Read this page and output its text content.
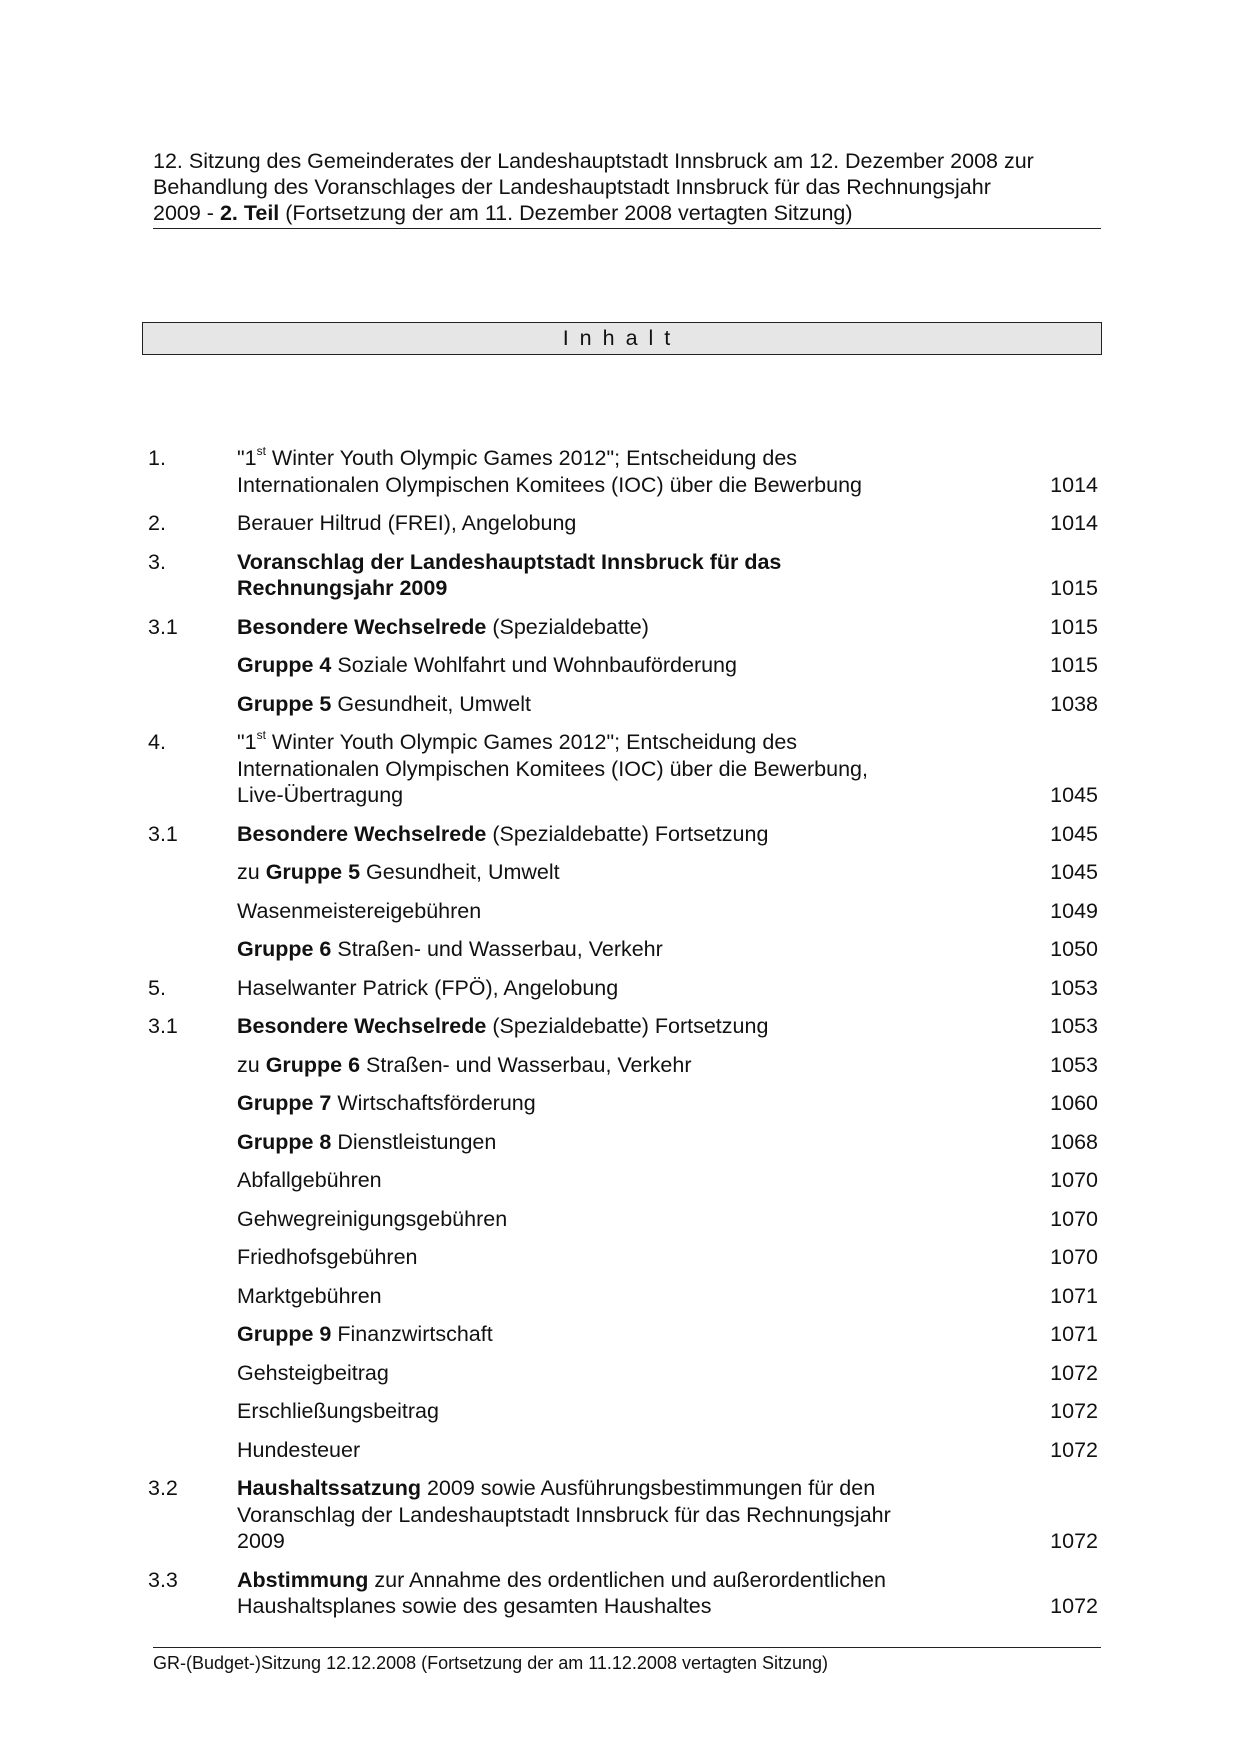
12. Sitzung des Gemeinderates der Landeshauptstadt Innsbruck am 12. Dezember 2008 zur
Behandlung des Voranschlages der Landeshauptstadt Innsbruck für das Rechnungsjahr
2009 - 2. Teil (Fortsetzung der am 11. Dezember 2008 vertagten Sitzung)
Inhalt
1.	"1st Winter Youth Olympic Games 2012"; Entscheidung des
Internationalen Olympischen Komitees (IOC) über die Bewerbung	1014
2.	Berauer Hiltrud (FREI), Angelobung	1014
3.	Voranschlag der Landeshauptstadt Innsbruck für das
Rechnungsjahr 2009	1015
3.1	Besondere Wechselrede (Spezialdebatte)	1015
Gruppe 4 Soziale Wohlfahrt und Wohnbauförderung	1015
Gruppe 5 Gesundheit, Umwelt	1038
4.	"1st Winter Youth Olympic Games 2012"; Entscheidung des
Internationalen Olympischen Komitees (IOC) über die Bewerbung,
Live-Übertragung	1045
3.1	Besondere Wechselrede (Spezialdebatte) Fortsetzung	1045
zu Gruppe 5 Gesundheit, Umwelt	1045
Wasenmeistereigebühren	1049
Gruppe 6 Straßen- und Wasserbau, Verkehr	1050
5.	Haselwanter Patrick (FPÖ), Angelobung	1053
3.1	Besondere Wechselrede (Spezialdebatte) Fortsetzung	1053
zu Gruppe 6 Straßen- und Wasserbau, Verkehr	1053
Gruppe 7 Wirtschaftsförderung	1060
Gruppe 8 Dienstleistungen	1068
Abfallgebühren	1070
Gehwegreinigungsgebühren	1070
Friedhofsgebühren	1070
Marktgebühren	1071
Gruppe 9 Finanzwirtschaft	1071
Gehsteigbeitrag	1072
Erschließungsbeitrag	1072
Hundesteuer	1072
3.2	Haushaltssatzung 2009 sowie Ausführungsbestimmungen für den
Voranschlag der Landeshauptstadt Innsbruck für das Rechnungsjahr
2009	1072
3.3	Abstimmung zur Annahme des ordentlichen und außerordentlichen
Haushaltsplanes sowie des gesamten Haushaltes	1072
GR-(Budget-)Sitzung 12.12.2008 (Fortsetzung der am 11.12.2008 vertagten Sitzung)
